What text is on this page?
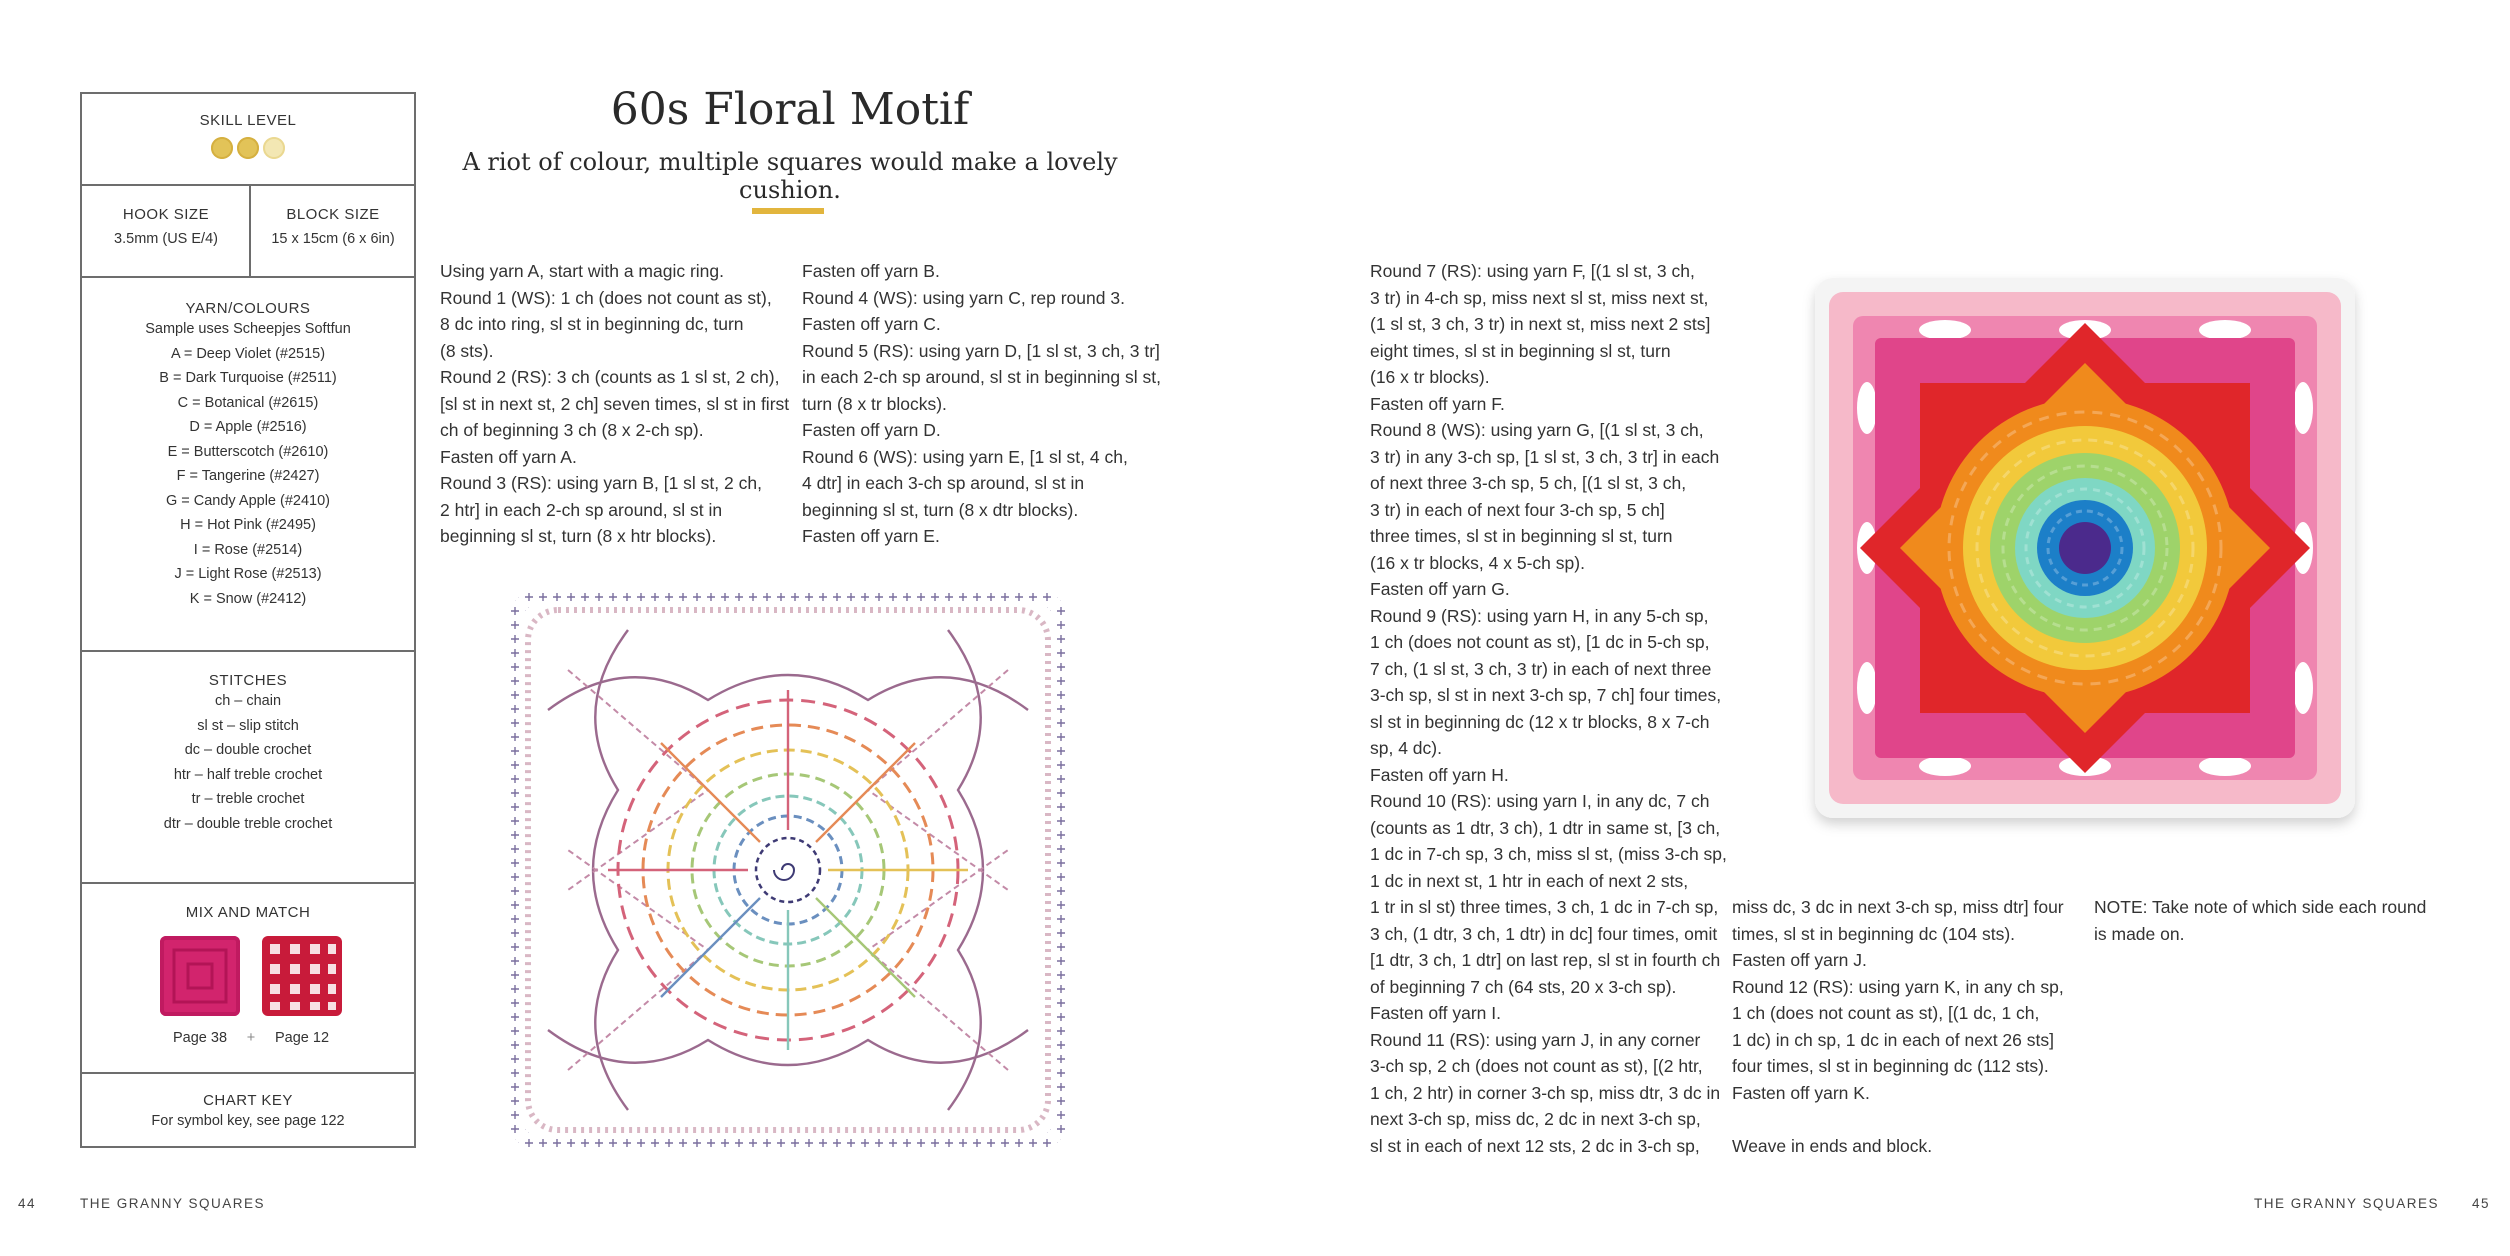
SKILL LEVEL
HOOK SIZE
3.5mm (US E/4)
BLOCK SIZE
15 x 15cm (6 x 6in)
YARN/COLOURS
Sample uses Scheepjes Softfun
A = Deep Violet (#2515)
B = Dark Turquoise (#2511)
C = Botanical (#2615)
D = Apple (#2516)
E = Butterscotch (#2610)
F = Tangerine (#2427)
G = Candy Apple (#2410)
H = Hot Pink (#2495)
I = Rose (#2514)
J = Light Rose (#2513)
K = Snow (#2412)
STITCHES
ch – chain
sl st – slip stitch
dc – double crochet
htr – half treble crochet
tr – treble crochet
dtr – double treble crochet
MIX AND MATCH
Page 38	+	Page 12
CHART KEY
For symbol key, see page 122
60s Floral Motif
A riot of colour, multiple squares would make a lovely cushion.
Using yarn A, start with a magic ring.
Round 1 (WS): 1 ch (does not count as st),
8 dc into ring, sl st in beginning dc, turn
(8 sts).
Round 2 (RS): 3 ch (counts as 1 sl st, 2 ch),
[sl st in next st, 2 ch] seven times, sl st in first
ch of beginning 3 ch (8 x 2-ch sp).
Fasten off yarn A.
Round 3 (RS): using yarn B, [1 sl st, 2 ch,
2 htr] in each 2-ch sp around, sl st in
beginning sl st, turn (8 x htr blocks).
Fasten off yarn B.
Round 4 (WS): using yarn C, rep round 3.
Fasten off yarn C.
Round 5 (RS): using yarn D, [1 sl st, 3 ch, 3 tr]
in each 2-ch sp around, sl st in beginning sl st,
turn (8 x tr blocks).
Fasten off yarn D.
Round 6 (WS): using yarn E, [1 sl st, 4 ch,
4 dtr] in each 3-ch sp around, sl st in
beginning sl st, turn (8 x dtr blocks).
Fasten off yarn E.
Round 7 (RS): using yarn F, [(1 sl st, 3 ch,
3 tr) in 4-ch sp, miss next sl st, miss next st,
(1 sl st, 3 ch, 3 tr) in next st, miss next 2 sts]
eight times, sl st in beginning sl st, turn
(16 x tr blocks).
Fasten off yarn F.
Round 8 (WS): using yarn G, [(1 sl st, 3 ch,
3 tr) in any 3-ch sp, [1 sl st, 3 ch, 3 tr] in each
of next three 3-ch sp, 5 ch, [(1 sl st, 3 ch,
3 tr) in each of next four 3-ch sp, 5 ch]
three times, sl st in beginning sl st, turn
(16 x tr blocks, 4 x 5-ch sp).
Fasten off yarn G.
Round 9 (RS): using yarn H, in any 5-ch sp,
1 ch (does not count as st), [1 dc in 5-ch sp,
7 ch, (1 sl st, 3 ch, 3 tr) in each of next three
3-ch sp, sl st in next 3-ch sp, 7 ch] four times,
sl st in beginning dc (12 x tr blocks, 8 x 7-ch
sp, 4 dc).
Fasten off yarn H.
Round 10 (RS): using yarn I, in any dc, 7 ch
(counts as 1 dtr, 3 ch), 1 dtr in same st, [3 ch,
1 dc in 7-ch sp, 3 ch, miss sl st, (miss 3-ch sp,
1 dc in next st, 1 htr in each of next 2 sts,
1 tr in sl st) three times, 3 ch, 1 dc in 7-ch sp,
3 ch, (1 dtr, 3 ch, 1 dtr) in dc] four times, omit
[1 dtr, 3 ch, 1 dtr] on last rep, sl st in fourth ch
of beginning 7 ch (64 sts, 20 x 3-ch sp).
Fasten off yarn I.
Round 11 (RS): using yarn J, in any corner
3-ch sp, 2 ch (does not count as st), [(2 htr,
1 ch, 2 htr) in corner 3-ch sp, miss dtr, 3 dc in
next 3-ch sp, miss dc, 2 dc in next 3-ch sp,
sl st in each of next 12 sts, 2 dc in 3-ch sp,
miss dc, 3 dc in next 3-ch sp, miss dtr] four
times, sl st in beginning dc (104 sts).
Fasten off yarn J.
Round 12 (RS): using yarn K, in any ch sp,
1 ch (does not count as st), [(1 dc, 1 ch,
1 dc) in ch sp, 1 dc in each of next 26 sts]
four times, sl st in beginning dc (112 sts).
Fasten off yarn K.

Weave in ends and block.
NOTE: Take note of which side each round
is made on.
44	THE GRANNY SQUARES	THE GRANNY SQUARES 45
